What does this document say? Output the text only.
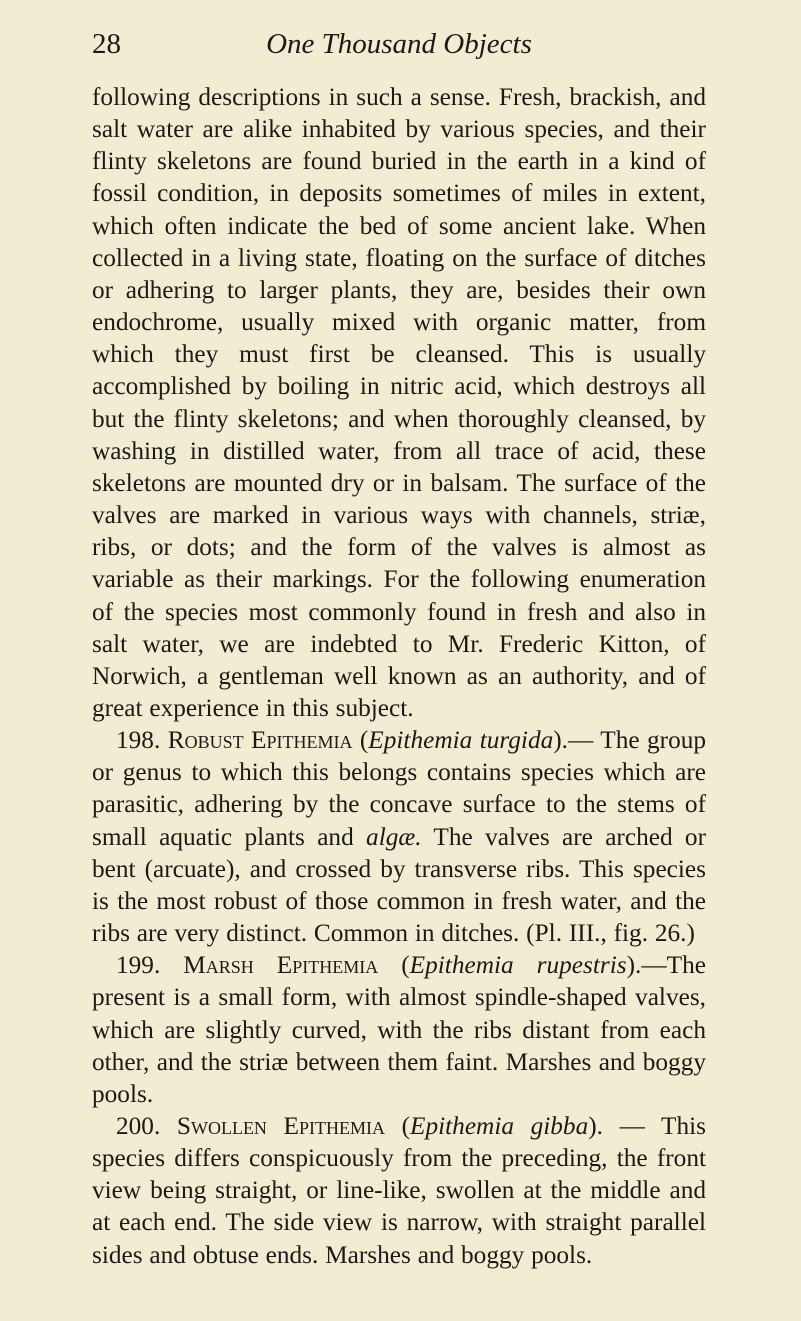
28	One Thousand Objects

following descriptions in such a sense. Fresh, brackish, and salt water are alike inhabited by various species, and their flinty skeletons are found buried in the earth in a kind of fossil condition, in deposits sometimes of miles in extent, which often indicate the bed of some ancient lake. When collected in a living state, floating on the surface of ditches or adhering to larger plants, they are, besides their own endochrome, usually mixed with organic matter, from which they must first be cleansed. This is usually accomplished by boiling in nitric acid, which destroys all but the flinty skeletons; and when thoroughly cleansed, by washing in distilled water, from all trace of acid, these skeletons are mounted dry or in balsam. The surface of the valves are marked in various ways with channels, striæ, ribs, or dots; and the form of the valves is almost as variable as their markings. For the following enumeration of the species most commonly found in fresh and also in salt water, we are indebted to Mr. Frederic Kitton, of Norwich, a gentleman well known as an authority, and of great experience in this subject.

198. Robust Epithemia (Epithemia turgida).— The group or genus to which this belongs contains species which are parasitic, adhering by the concave surface to the stems of small aquatic plants and algæ. The valves are arched or bent (arcuate), and crossed by transverse ribs. This species is the most robust of those common in fresh water, and the ribs are very distinct. Common in ditches. (Pl. III., fig. 26.)

199. Marsh Epithemia (Epithemia rupestris).—The present is a small form, with almost spindle-shaped valves, which are slightly curved, with the ribs distant from each other, and the striæ between them faint. Marshes and boggy pools.

200. Swollen Epithemia (Epithemia gibba). — This species differs conspicuously from the preceding, the front view being straight, or line-like, swollen at the middle and at each end. The side view is narrow, with straight parallel sides and obtuse ends. Marshes and boggy pools.
